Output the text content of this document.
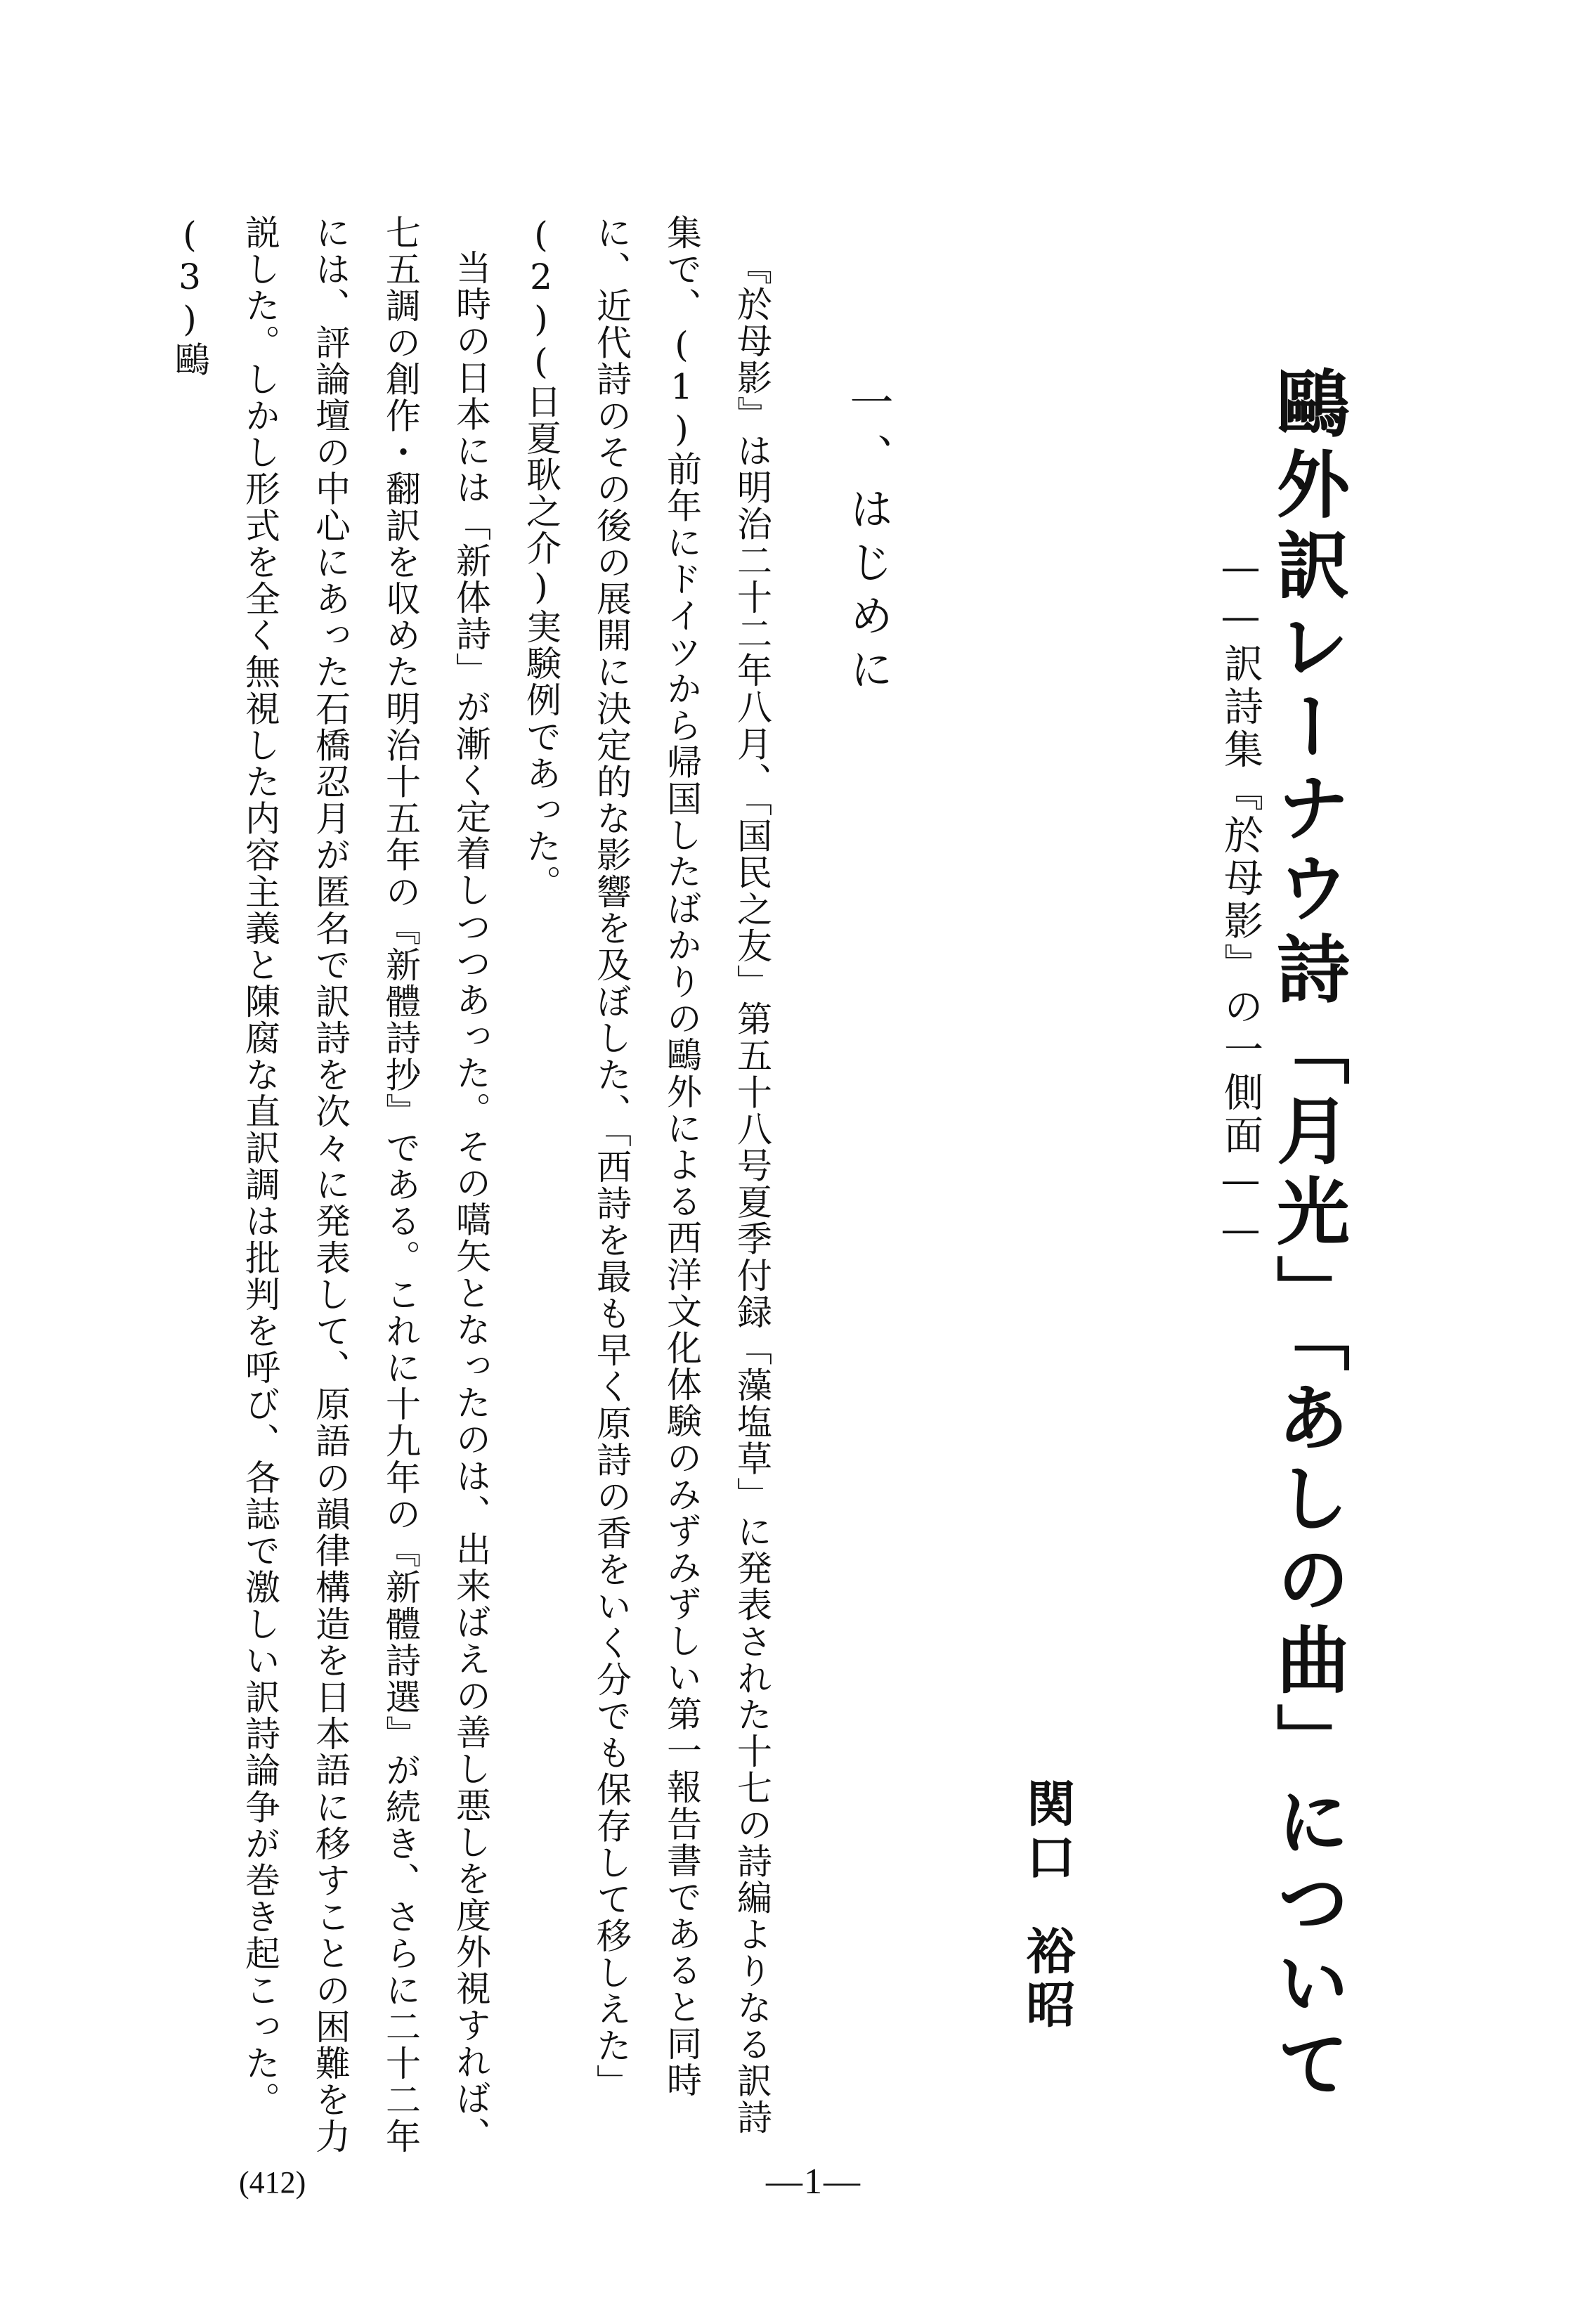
鷗外訳レーナウ詩「月光」「あしの曲」について
——訳詩集『於母影』の一側面——
関口
裕昭
一、はじめに

『於母影』は明治二十二年八月、「国民之友」第五十八号夏季付録「藻塩草」に発表された十七の詩編よりなる訳詩集で、(1)前年にドイツから帰国したばかりの鷗外による西洋文化体験のみずみずしい第一報告書であると同時に、近代詩のその後の展開に決定的な影響を及ぼした、「西詩を最も早く原詩の香をいく分でも保存して移しえた」(2)(日夏耿之介)実験例であった。

当時の日本には「新体詩」が漸く定着しつつあった。その嚆矢となったのは、出来ばえの善し悪しを度外視すれば、七五調の創作・翻訳を収めた明治十五年の『新體詩抄』である。これに十九年の『新體詩選』が続き、さらに二十二年には、評論壇の中心にあった石橋忍月が匿名で訳詩を次々に発表して、原語の韻律構造を日本語に移すことの困難を力説した。しかし形式を全く無視した内容主義と陳腐な直訳調は批判を呼び、各誌で激しい訳詩論争が巻き起こった。(3)鷗

(412)	—1—
